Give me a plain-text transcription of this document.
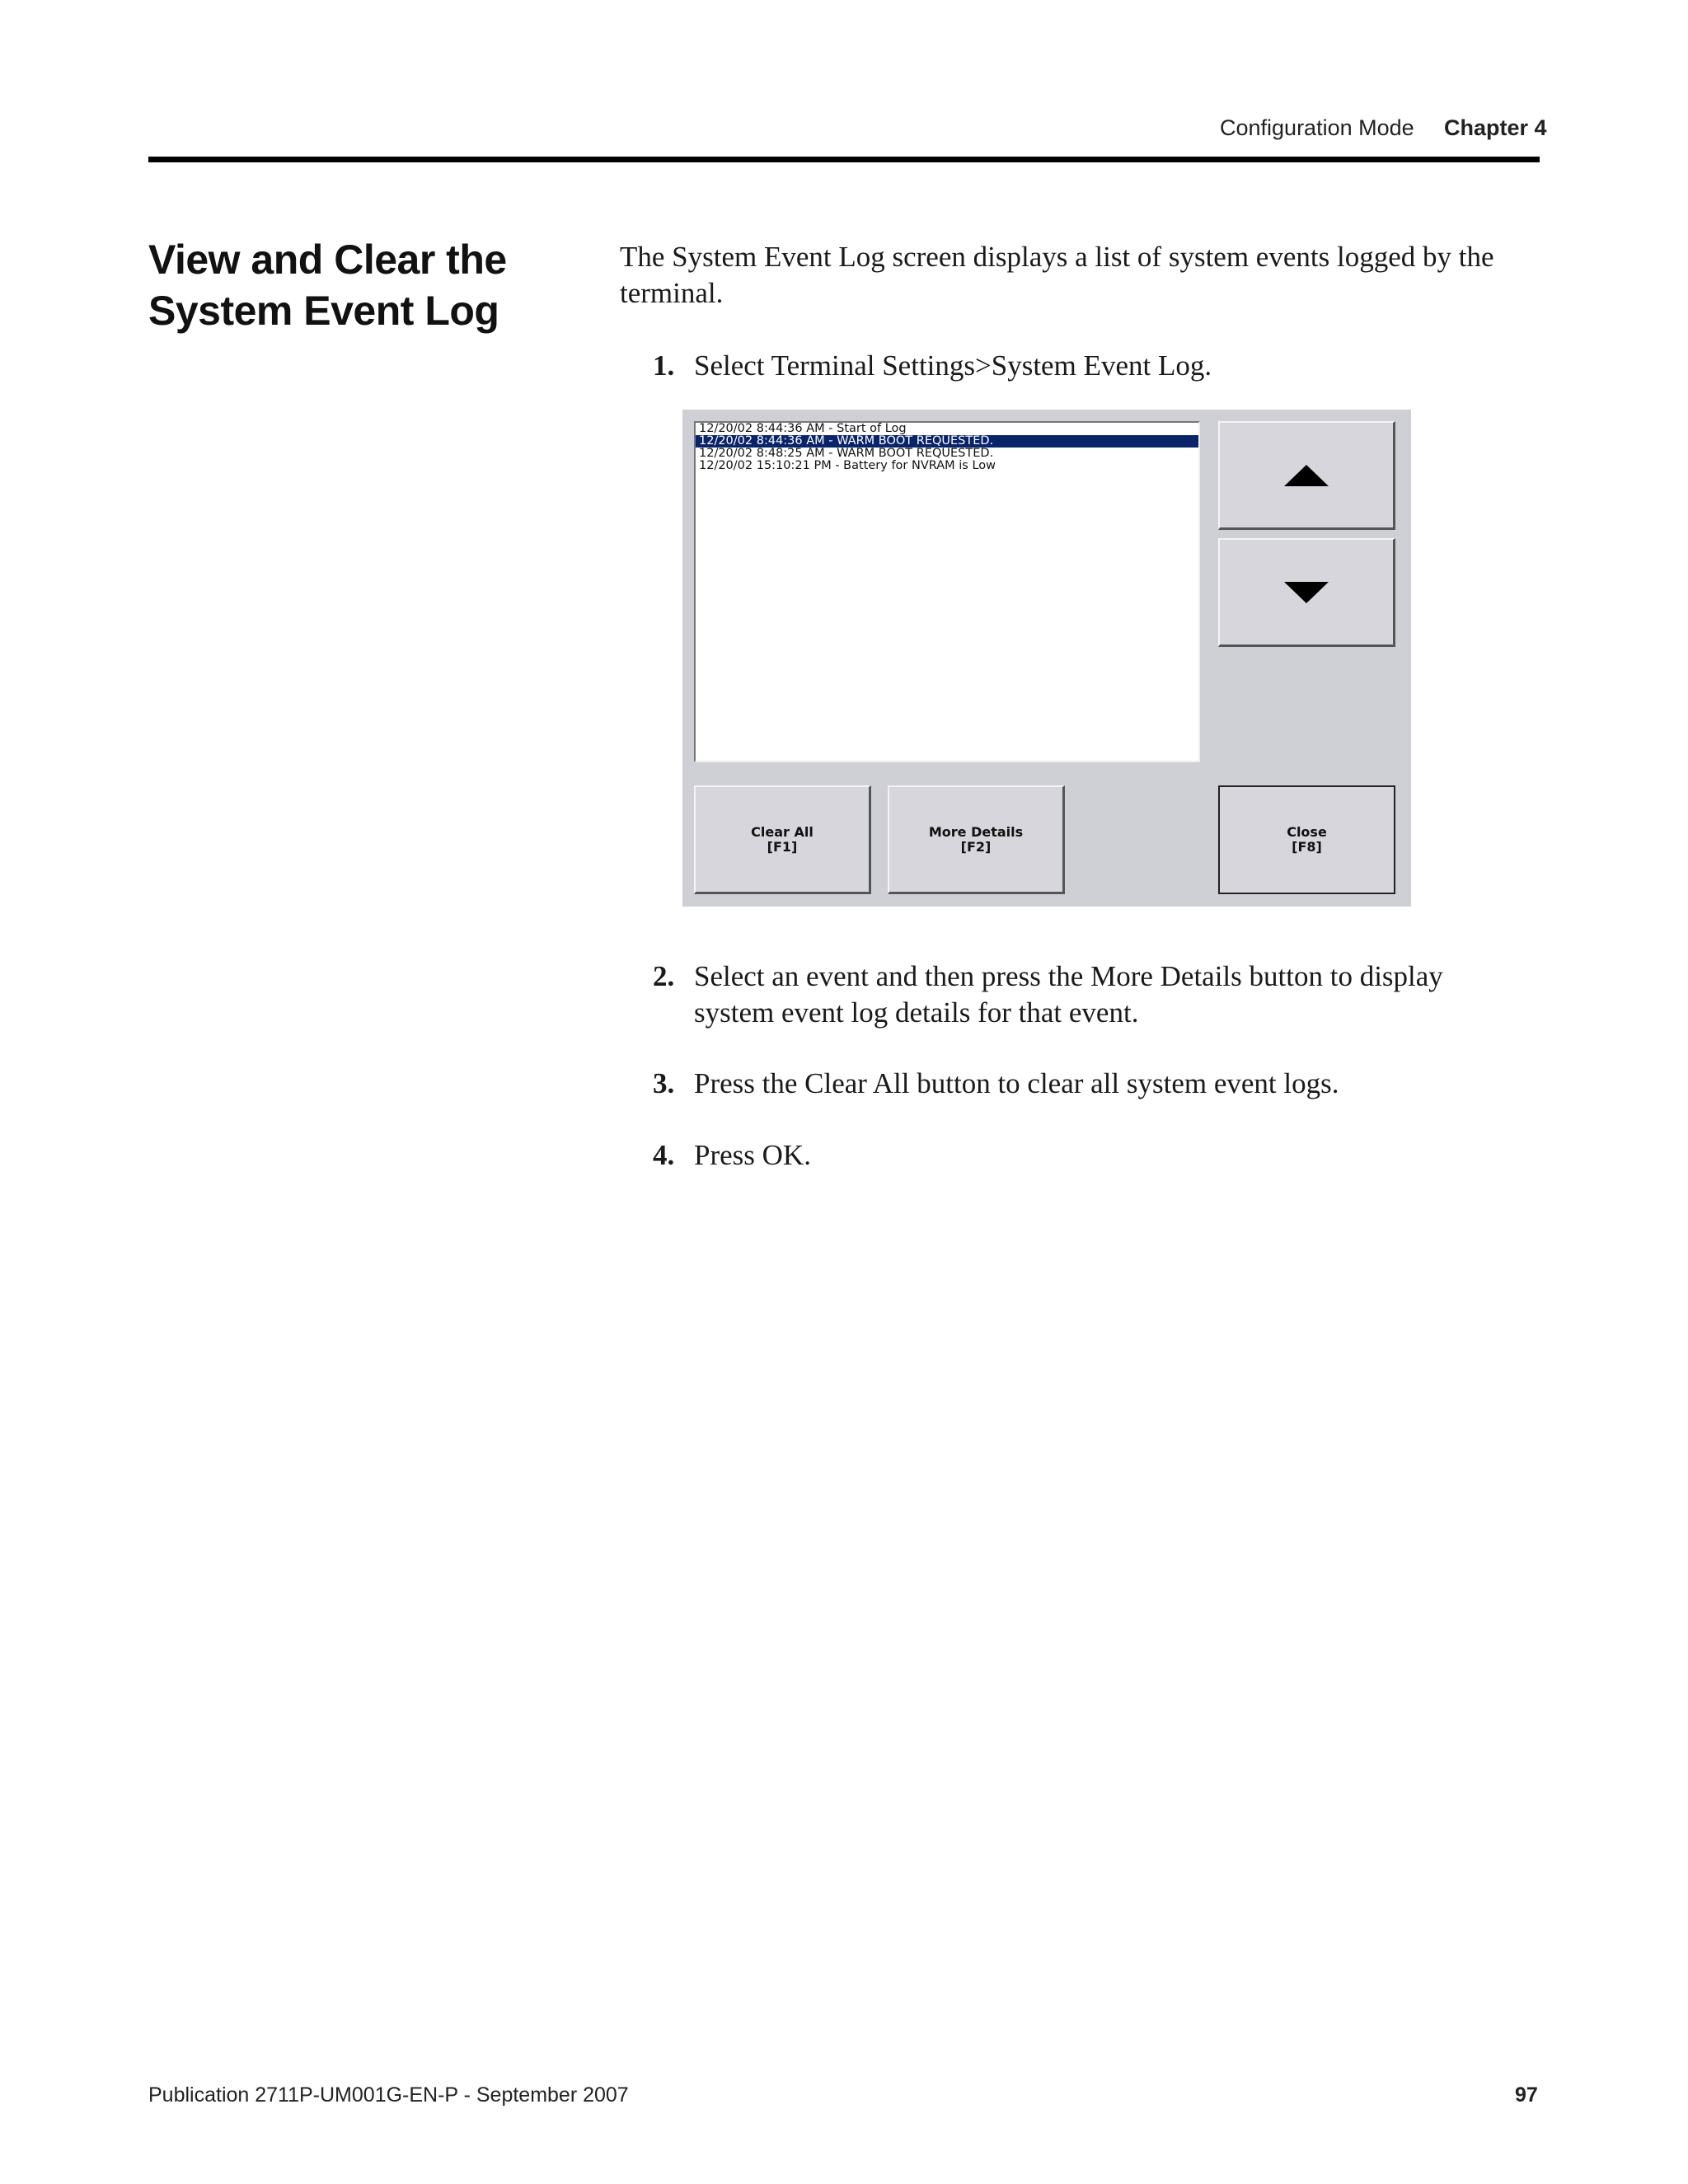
Configuration Mode Chapter 4
View and Clear the System Event Log
The System Event Log screen displays a list of system events logged by the terminal.
1. Select Terminal Settings>System Event Log.
12/20/02 8:44:36 AM - Start of Log
12/20/02 8:44:36 AM - WARM BOOT REQUESTED.
12/20/02 8:48:25 AM - WARM BOOT REQUESTED.
12/20/02 15:10:21 PM - Battery for NVRAM is Low
Clear All
[F1]
More Details
[F2]
Close
[F8]
2. Select an event and then press the More Details button to display system event log details for that event.
3. Press the Clear All button to clear all system event logs.
4. Press OK.
Publication 2711P-UM001G-EN-P - September 2007	97
